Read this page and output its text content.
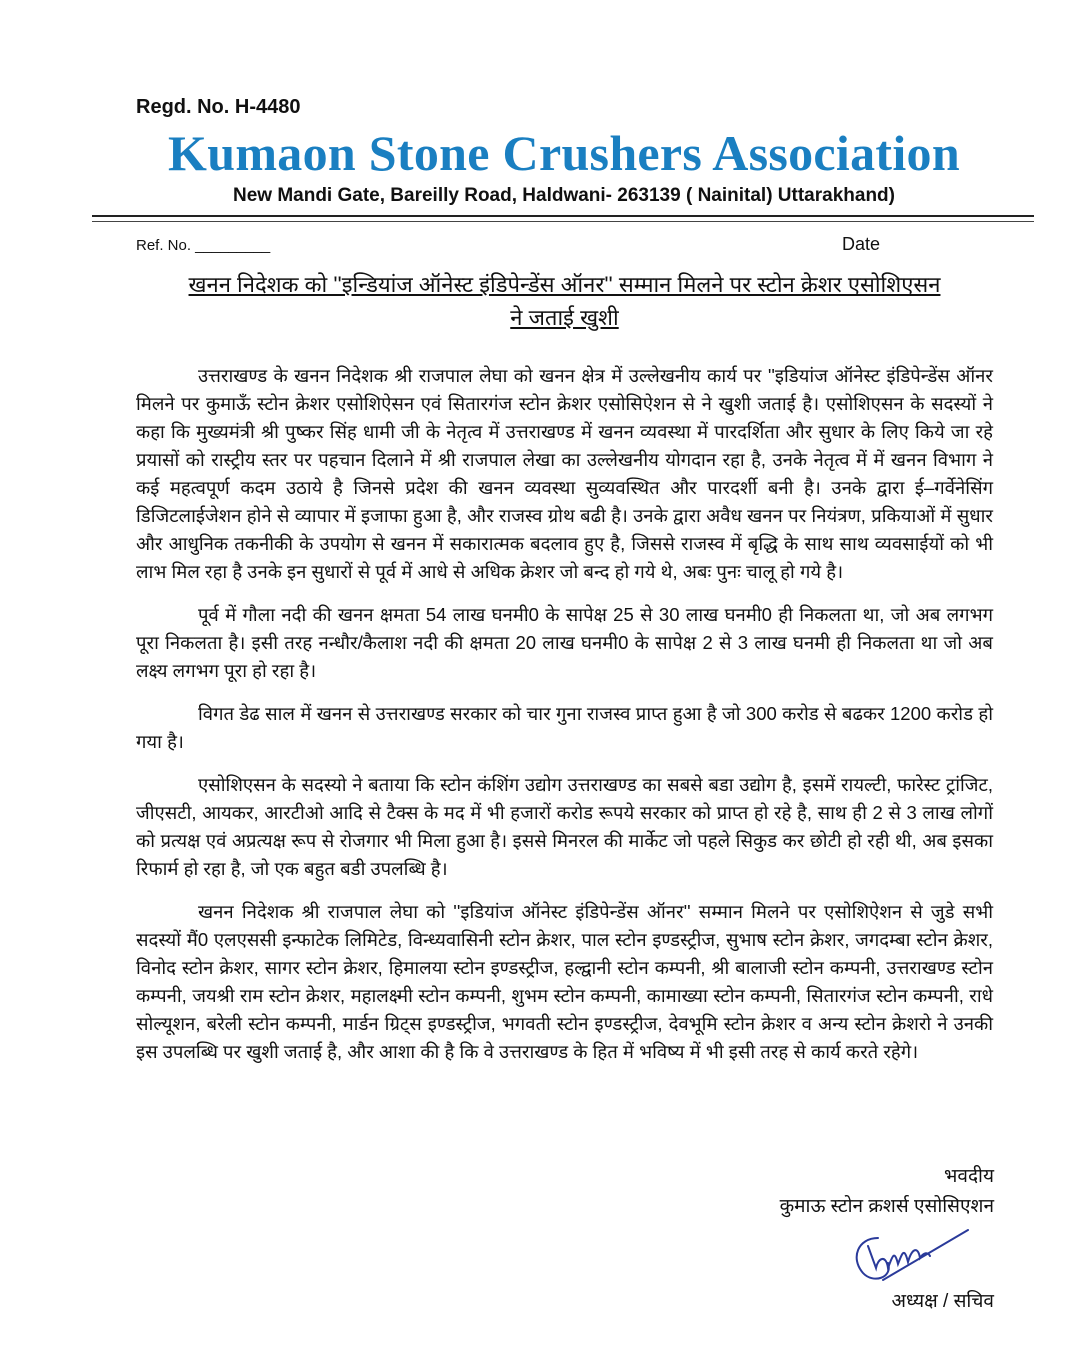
Regd. No. H-4480
Kumaon Stone Crushers Association
New Mandi Gate, Bareilly Road, Haldwani- 263139 ( Nainital) Uttarakhand)
Ref. No. _________	Date
खनन निदेशक को ''इन्डियांज ऑनेस्ट इंडिपेन्डेंस ऑनर'' सम्मान मिलने पर स्टोन क्रेशर एसोशिएसन
ने जताई खुशी

उत्तराखण्ड के खनन निदेशक श्री राजपाल लेघा को खनन क्षेत्र में उल्लेखनीय कार्य पर ''इडियांज ऑनेस्ट इंडिपेन्डेंस ऑनर मिलने पर कुमाऊँ स्टोन क्रेशर एसोशिऐसन एवं सितारगंज स्टोन क्रेशर एसोसिऐशन से ने खुशी जताई है। एसोशिएसन के सदस्यों ने कहा कि मुख्यमंत्री श्री पुष्कर सिंह धामी जी के नेतृत्व में उत्तराखण्ड में खनन व्यवस्था में पारदर्शिता और सुधार के लिए किये जा रहे प्रयासों को रास्ट्रीय स्तर पर पहचान दिलाने में श्री राजपाल लेखा का उल्लेखनीय योगदान रहा है, उनके नेतृत्व में में खनन विभाग ने कई महत्वपूर्ण कदम उठाये है जिनसे प्रदेश की खनन व्यवस्था सुव्यवस्थित और पारदर्शी बनी है। उनके द्वारा ई–गर्वेनेसिंग डिजिटलाईजेशन होने से व्यापार में इजाफा हुआ है, और राजस्व ग्रोथ बढी है। उनके द्वारा अवैध खनन पर नियंत्रण, प्रकियाओं में सुधार और आधुनिक तकनीकी के उपयोग से खनन में सकारात्मक बदलाव हुए है, जिससे राजस्व में बृद्धि के साथ साथ व्यवसाईयों को भी लाभ मिल रहा है उनके इन सुधारों से पूर्व में आधे से अधिक क्रेशर जो बन्द हो गये थे, अबः पुनः चालू हो गये है।

पूर्व में गौला नदी की खनन क्षमता 54 लाख घनमी0 के सापेक्ष 25 से 30 लाख घनमी0 ही निकलता था, जो अब लगभग पूरा निकलता है। इसी तरह नन्धौर/कैलाश नदी की क्षमता 20 लाख घनमी0 के सापेक्ष 2 से 3 लाख घनमी ही निकलता था जो अब लक्ष्य लगभग पूरा हो रहा है।

विगत डेढ साल में खनन से उत्तराखण्ड सरकार को चार गुना राजस्व प्राप्त हुआ है जो 300 करोड से बढकर 1200 करोड हो गया है।

एसोशिएसन के सदस्यो ने बताया कि स्टोन कंशिंग उद्योग उत्तराखण्ड का सबसे बडा उद्योग है, इसमें रायल्टी, फारेस्ट ट्रांजिट, जीएसटी, आयकर, आरटीओ आदि से टैक्स के मद में भी हजारों करोड रूपये सरकार को प्राप्त हो रहे है, साथ ही 2 से 3 लाख लोगों को प्रत्यक्ष एवं अप्रत्यक्ष रूप से रोजगार भी मिला हुआ है। इससे मिनरल की मार्केट जो पहले सिकुड कर छोटी हो रही थी, अब इसका रिफार्म हो रहा है, जो एक बहुत बडी उपलब्धि है।

खनन निदेशक श्री राजपाल लेघा को ''इडियांज ऑनेस्ट इंडिपेन्डेंस ऑनर'' सम्मान मिलने पर एसोशिऐशन से जुडे सभी सदस्यों मैं0 एलएससी इन्फाटेक लिमिटेड, विन्ध्यवासिनी स्टोन क्रेशर, पाल स्टोन इण्डस्ट्रीज, सुभाष स्टोन क्रेशर, जगदम्बा स्टोन क्रेशर, विनोद स्टोन क्रेशर, सागर स्टोन क्रेशर, हिमालया स्टोन इण्डस्ट्रीज, हल्द्वानी स्टोन कम्पनी, श्री बालाजी स्टोन कम्पनी, उत्तराखण्ड स्टोन कम्पनी, जयश्री राम स्टोन क्रेशर, महालक्ष्मी स्टोन कम्पनी, शुभम स्टोन कम्पनी, कामाख्या स्टोन कम्पनी, सितारगंज स्टोन कम्पनी, राधे सोल्यूशन, बरेली स्टोन कम्पनी, मार्डन ग्रिट्स इण्डस्ट्रीज, भगवती स्टोन इण्डस्ट्रीज, देवभूमि स्टोन क्रेशर व अन्य स्टोन क्रेशरो ने उनकी इस उपलब्धि पर खुशी जताई है, और आशा की है कि वे उत्तराखण्ड के हित में भविष्य में भी इसी तरह से कार्य करते रहेगे।

भवदीय
कुमाऊ स्टोन क्रशर्स एसोसिएशन
अध्यक्ष / सचिव
